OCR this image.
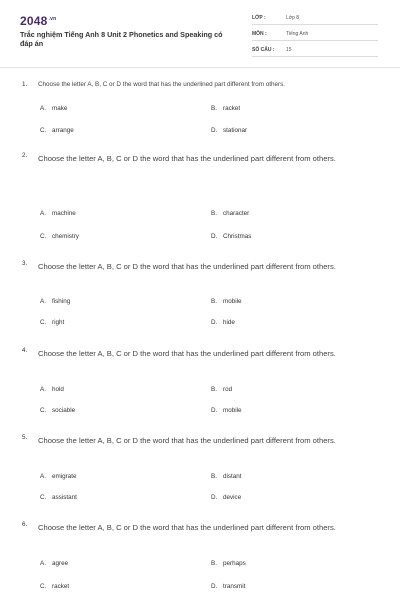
$2048^{.vn}$
Trắc nghiệm Tiếng Anh 8 Unit 2 Phonetics and Speaking có đáp án
LỚP :	Lớp 8
MÔN :	Tiếng Anh
SỐ CÂU : 15
1. Choose the letter A, B, C or D the word that has the underlined part different from others.
A. make	B. racket
C. arrange	D. stationar
2. Choose the letter A, B, C or D the word that has the underlined part different from others.
A. machine	B. character
C. chemistry	D. Christmas
3. Choose the letter A, B, C or D the word that has the underlined part different from others.
A. fishing	B. mobile
C. right	D. hide
4. Choose the letter A, B, C or D the word that has the underlined part different from others.
A. hold	B. rod
C. sociable	D. mobile
5. Choose the letter A, B, C or D the word that has the underlined part different from others.
A. emigrate	B. distant
C. assistant	D. device
6. Choose the letter A, B, C or D the word that has the underlined part different from others.
A. agree	B. perhaps
C. racket	D. transmit
